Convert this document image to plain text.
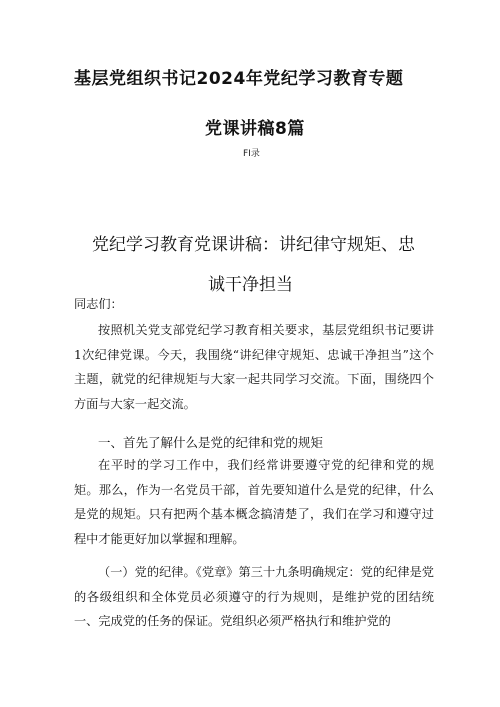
基层党组织书记2024年党纪学习教育专题
党课讲稿8篇
FI录
党纪学习教育党课讲稿：讲纪律守规矩、忠
诚干净担当
同志们：
按照机关党支部党纪学习教育相关要求，基层党组织书记要讲1次纪律党课。今天，我围绕“讲纪律守规矩、忠诚干净担当”这个主题，就党的纪律规矩与大家一起共同学习交流。下面，围绕四个方面与大家一起交流。
一、首先了解什么是党的纪律和党的规矩
在平时的学习工作中，我们经常讲要遵守党的纪律和党的规矩。那么，作为一名党员干部，首先要知道什么是党的纪律，什么是党的规矩。只有把两个基本概念搞清楚了，我们在学习和遵守过程中才能更好加以掌握和理解。
（一）党的纪律。《党章》第三十九条明确规定：党的纪律是党的各级组织和全体党员必须遵守的行为规则，是维护党的团结统一、完成党的任务的保证。党组织必须严格执行和维护党的
